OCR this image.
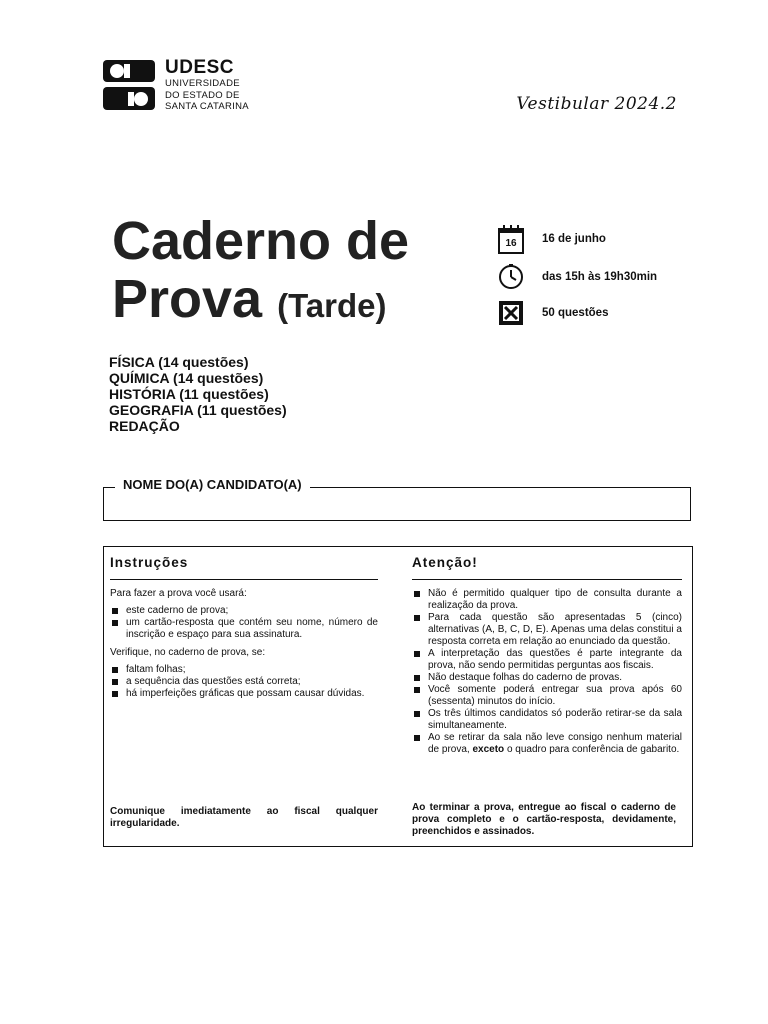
UDESC
UNIVERSIDADE
DO ESTADO DE
SANTA CATARINA	Vestibular 2024.2
Caderno de
Prova (Tarde)
16 16 de junho
das 15h às 19h30min
50 questões
FÍSICA (14 questões)
QUÍMICA (14 questões)
HISTÓRIA (11 questões)
GEOGRAFIA (11 questões)
REDAÇÃO
NOME DO(A) CANDIDATO(A)
Instruções

Para fazer a prova você usará:

este caderno de prova;
um cartão-resposta que contém seu nome, número de inscrição e espaço para sua assinatura.

Verifique, no caderno de prova, se:

faltam folhas;
a sequência das questões está correta;
há imperfeições gráficas que possam causar dúvidas.

Comunique imediatamente ao fiscal qualquer irregularidade.

Atenção!
Não é permitido qualquer tipo de consulta durante a realização da prova.
Para cada questão são apresentadas 5 (cinco) alternativas (A, B, C, D, E). Apenas uma delas constitui a resposta correta em relação ao enunciado da questão.
A interpretação das questões é parte integrante da prova, não sendo permitidas perguntas aos fiscais.
Não destaque folhas do caderno de provas.
Você somente poderá entregar sua prova após 60 (sessenta) minutos do início.
Os três últimos candidatos só poderão retirar-se da sala simultaneamente.
Ao se retirar da sala não leve consigo nenhum material de prova, exceto o quadro para conferência de gabarito.

Ao terminar a prova, entregue ao fiscal o caderno de prova completo e o cartão-resposta, devidamente, preenchidos e assinados.
